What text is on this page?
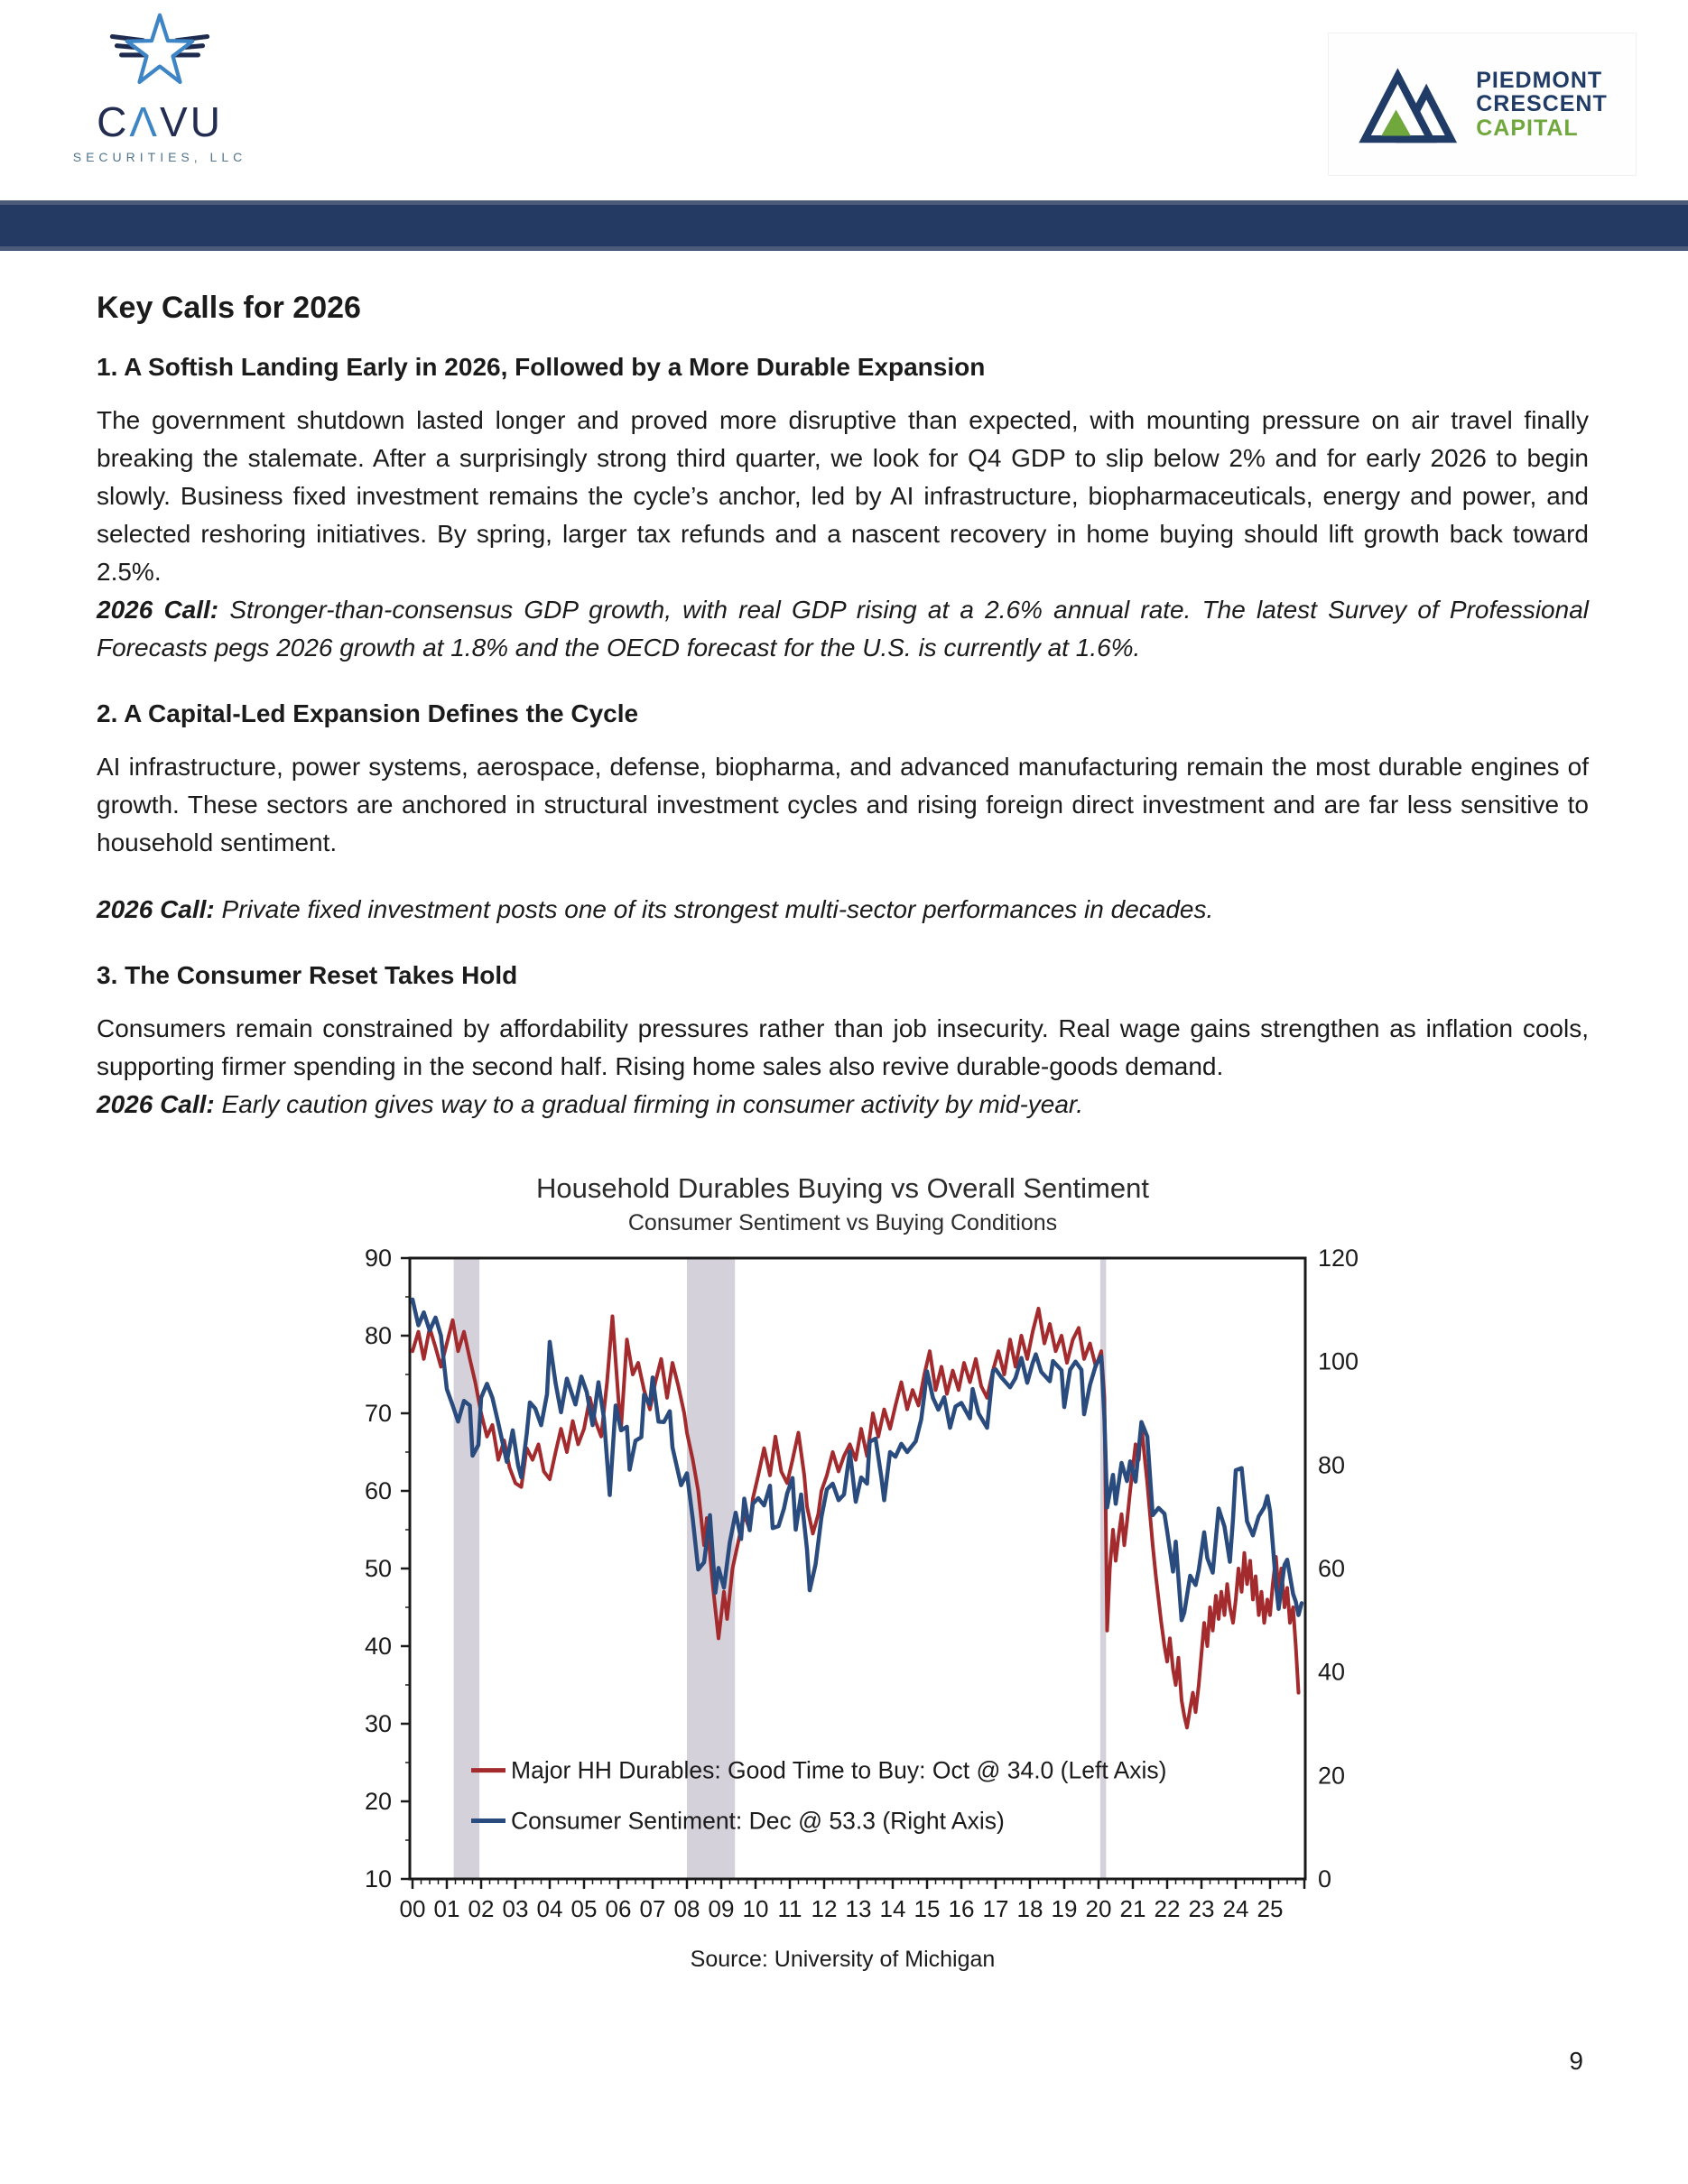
CΛVU
SECURITIES, LLC
PIEDMONT
CRESCENT
CAPITAL
Key Calls for 2026
1. A Softish Landing Early in 2026, Followed by a More Durable Expansion

The government shutdown lasted longer and proved more disruptive than expected, with mounting pressure on air travel finally breaking the stalemate. After a surprisingly strong third quarter, we look for Q4 GDP to slip below 2% and for early 2026 to begin slowly. Business fixed investment remains the cycle’s anchor, led by AI infrastructure, biopharmaceuticals, energy and power, and selected reshoring initiatives. By spring, larger tax refunds and a nascent recovery in home buying should lift growth back toward 2.5%.

2026 Call: Stronger-than-consensus GDP growth, with real GDP rising at a 2.6% annual rate. The latest Survey of Professional Forecasts pegs 2026 growth at 1.8% and the OECD forecast for the U.S. is currently at 1.6%.

2. A Capital-Led Expansion Defines the Cycle

AI infrastructure, power systems, aerospace, defense, biopharma, and advanced manufacturing remain the most durable engines of growth. These sectors are anchored in structural investment cycles and rising foreign direct investment and are far less sensitive to household sentiment.

2026 Call: Private fixed investment posts one of its strongest multi-sector performances in decades.

3. The Consumer Reset Takes Hold

Consumers remain constrained by affordability pressures rather than job insecurity. Real wage gains strengthen as inflation cools, supporting firmer spending in the second half. Rising home sales also revive durable-goods demand.

2026 Call: Early caution gives way to a gradual firming in consumer activity by mid-year.

Household Durables Buying vs Overall Sentiment
Consumer Sentiment vs Buying Conditions
90
80
70
60
50
40
30
20
10
120
100
80
60
40
20
0
00 01 02 03 04 05 06 07 08 09 10 11 12 13 14 15 16 17 18 19 20 21 22 23 24 25
Major HH Durables: Good Time to Buy: Oct @ 34.0 (Left Axis)
Consumer Sentiment: Dec @ 53.3 (Right Axis)
Source: University of Michigan
9
